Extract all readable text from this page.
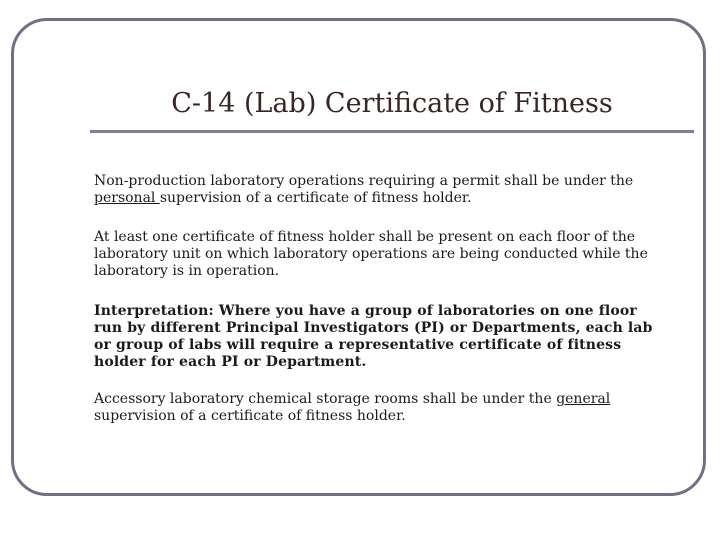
C-14 (Lab) Certificate of Fitness

Non-production laboratory operations requiring a permit shall be under the personal supervision of a certificate of fitness holder.

At least one certificate of fitness holder shall be present on each floor of the laboratory unit on which laboratory operations are being conducted while the laboratory is in operation.

Interpretation: Where you have a group of laboratories on one floor run by different Principal Investigators (PI) or Departments, each lab or group of labs will require a representative certificate of fitness holder for each PI or Department.

Accessory laboratory chemical storage rooms shall be under the general supervision of a certificate of fitness holder.
